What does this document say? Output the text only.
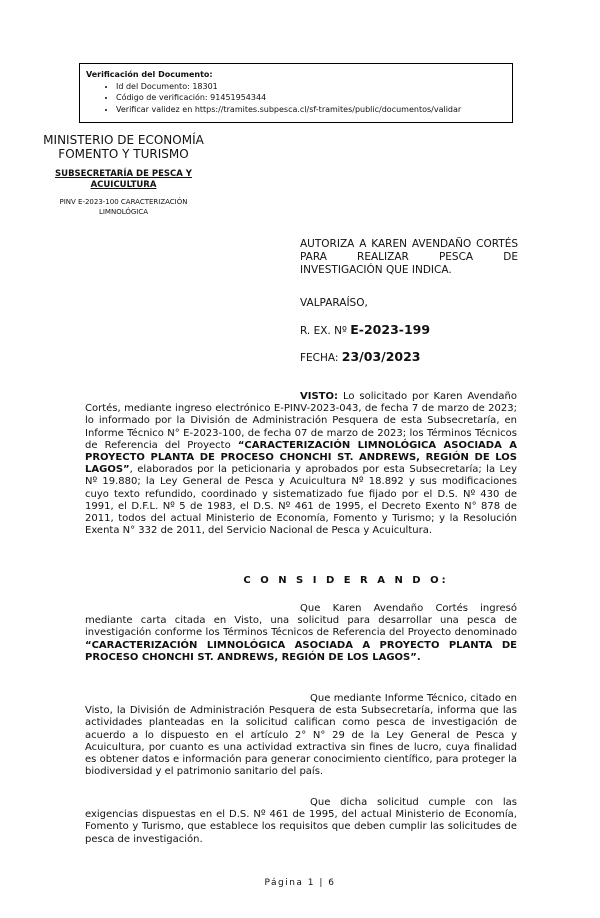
Verificación del Documento:
• Id del Documento: 18301
• Código de verificación: 91451954344
• Verificar validez en https://tramites.subpesca.cl/sf-tramites/public/documentos/validar
MINISTERIO DE ECONOMÍA
FOMENTO Y TURISMO
SUBSECRETARÍA DE PESCA Y
ACUICULTURA
PINV E-2023-100 CARACTERIZACIÓN
LIMNOLÓGICA
AUTORIZA A KAREN AVENDAÑO CORTÉS PARA REALIZAR PESCA DE INVESTIGACIÓN QUE INDICA.
VALPARAÍSO,
R. EX. Nº E-2023-199
FECHA: 23/03/2023
VISTO: Lo solicitado por Karen Avendaño Cortés, mediante ingreso electrónico E-PINV-2023-043, de fecha 7 de marzo de 2023; lo informado por la División de Administración Pesquera de esta Subsecretaría, en Informe Técnico N° E-2023-100, de fecha 07 de marzo de 2023; los Términos Técnicos de Referencia del Proyecto “CARACTERIZACIÓN LIMNOLÓGICA ASOCIADA A PROYECTO PLANTA DE PROCESO CHONCHI ST. ANDREWS, REGIÓN DE LOS LAGOS”, elaborados por la peticionaria y aprobados por esta Subsecretaría; la Ley Nº 19.880; la Ley General de Pesca y Acuicultura Nº 18.892 y sus modificaciones cuyo texto refundido, coordinado y sistematizado fue fijado por el D.S. Nº 430 de 1991, el D.F.L. Nº 5 de 1983, el D.S. Nº 461 de 1995, el Decreto Exento N° 878 de 2011, todos del actual Ministerio de Economía, Fomento y Turismo; y la Resolución Exenta N° 332 de 2011, del Servicio Nacional de Pesca y Acuicultura.
C O N S I D E R A N D O:
Que Karen Avendaño Cortés ingresó mediante carta citada en Visto, una solicitud para desarrollar una pesca de investigación conforme los Términos Técnicos de Referencia del Proyecto denominado “CARACTERIZACIÓN LIMNOLÓGICA ASOCIADA A PROYECTO PLANTA DE PROCESO CHONCHI ST. ANDREWS, REGIÓN DE LOS LAGOS”.
Que mediante Informe Técnico, citado en Visto, la División de Administración Pesquera de esta Subsecretaría, informa que las actividades planteadas en la solicitud califican como pesca de investigación de acuerdo a lo dispuesto en el artículo 2° N° 29 de la Ley General de Pesca y Acuicultura, por cuanto es una actividad extractiva sin fines de lucro, cuya finalidad es obtener datos e información para generar conocimiento científico, para proteger la biodiversidad y el patrimonio sanitario del país.
Que dicha solicitud cumple con las exigencias dispuestas en el D.S. Nº 461 de 1995, del actual Ministerio de Economía, Fomento y Turismo, que establece los requisitos que deben cumplir las solicitudes de pesca de investigación.
Página 1 | 6
